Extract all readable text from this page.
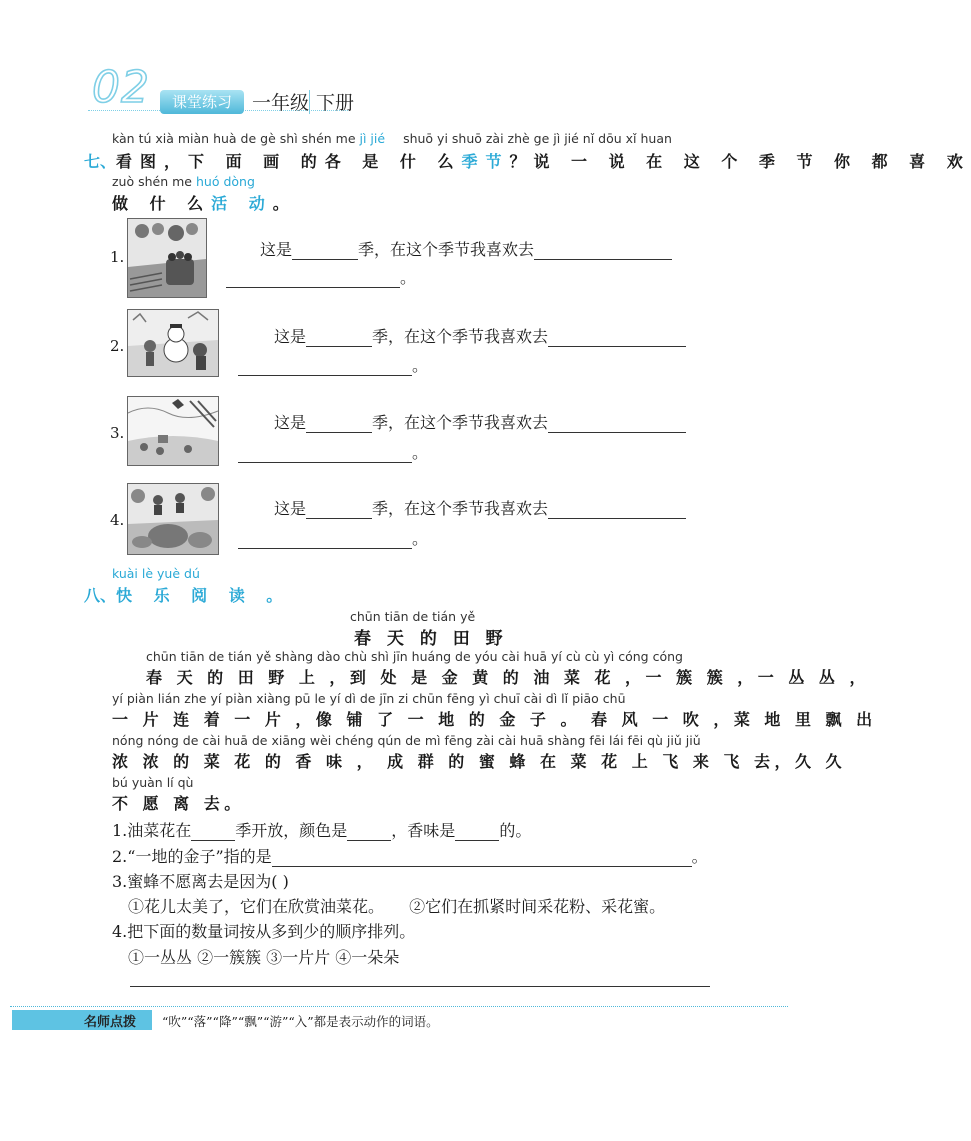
02	课堂练习	一年级 下册
kàn tú xià miàn huà de gè shì shén me jì jié shuō yi shuō zài zhè ge jì jié nǐ dōu xǐ huan
七、看图，下 面 画 的各 是 什 么季节？说 一 说 在 这 个 季 节 你 都 喜 欢
zuò shén me huó dòng
做 什 么活 动。
1.	这是	季，在这个季节我喜欢去
。
2.	这是	季，在这个季节我喜欢去
。
3.
这是	季，在这个季节我喜欢去
。
4.
这是	季，在这个季节我喜欢去
。
kuài lè yuè dú
八、快 乐 阅 读 。
chūn tiān de tián yě
春 天 的 田 野
chūn tiān de tián yě shàng dào chù shì jīn huáng de yóu cài huā yí cù cù yì cóng cóng
春 天 的 田 野 上 ，到 处 是 金 黄 的 油 菜 花 ，一 簇 簇 ，一 丛 丛 ，
yí piàn lián zhe yí piàn xiàng pū le yí dì de jīn zi chūn fēng yì chuī cài dì lǐ piāo chū
一 片 连 着 一 片 ，像 铺 了 一 地 的 金 子 。 春 风 一 吹 ，菜 地 里 飘 出
nóng nóng de cài huā de xiāng wèi chéng qún de mì fēng zài cài huā shàng fēi lái fēi qù jiǔ jiǔ
浓 浓 的 菜 花 的 香 味 ， 成 群 的 蜜 蜂 在 菜 花 上 飞 来 飞 去，久 久
bú yuàn lí qù
不 愿 离 去。
1.油菜花在	季开放，颜色是	，香味是	的。
2.“一地的金子”指的是	。
3.蜜蜂不愿离去是因为( )
①花儿太美了，它们在欣赏油菜花。 ②它们在抓紧时间采花粉、采花蜜。
4.把下面的数量词按从多到少的顺序排列。
①一丛丛 ②一簇簇 ③一片片 ④一朵朵
名师点拨 “吹”“落”“降”“飘”“游”“入”都是表示动作的词语。
